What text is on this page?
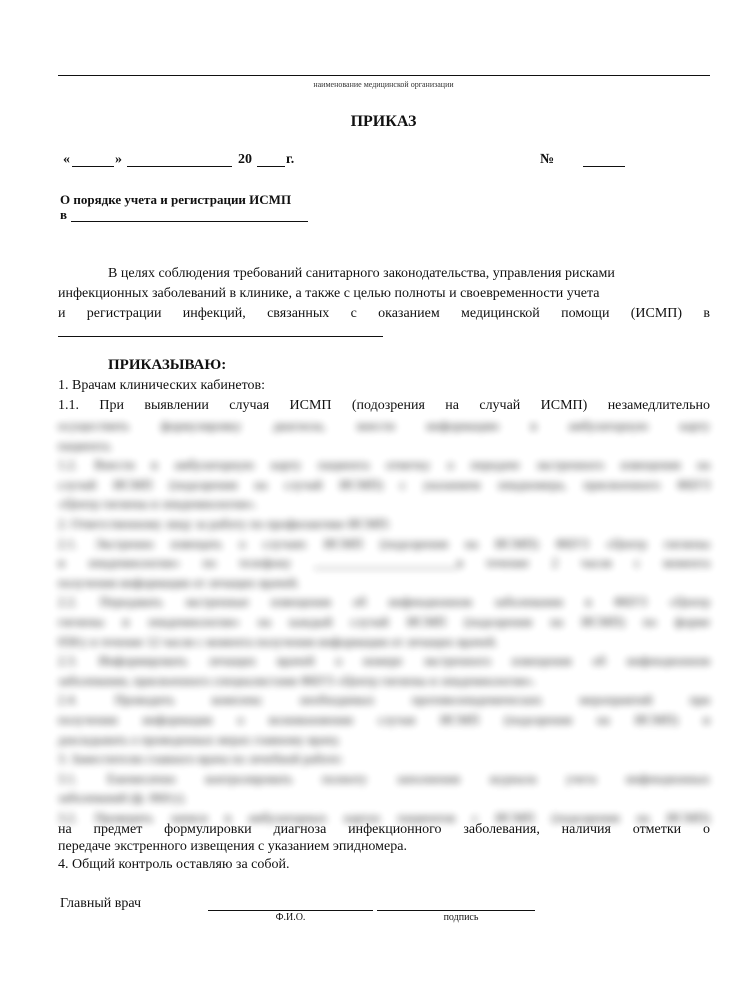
наименование медицинской организации
ПРИКАЗ
«	»	20 г.	№
О порядке учета и регистрации ИСМП
в
В целях соблюдения требований санитарного законодательства, управления рисками
инфекционных заболеваний в клинике, а также с целью полноты и своевременности учета
и регистрации инфекций, связанных с оказанием медицинской помощи (ИСМП) в
ПРИКАЗЫВАЮ:
1. Врачам клинических кабинетов:
1.1. При выявлении случая ИСМП (подозрения на случай ИСМП) незамедлительно
осуществить формулировку диагноза, внести информацию в амбулаторную карту
пациента.
1.2. Внести в амбулаторную карту пациента отметку о передаче экстренного извещения на
случай ИСМП (подозрения на случай ИСМП) с указанием эпидномера, присвоенного ФБУЗ
«Центр гигиены и эпидемиологии».
2. Ответственному лицу за работу по профилактике ИСМП:
2.1. Экстренно извещать о случаях ИСМП (подозрения на ИСМП) ФБУЗ «Центр гигиены
и эпидемиологии» по телефону ______________________в течение 2 часов с момента
получения информации от лечащих врачей.
2.2. Передавать экстренные извещения об инфекционном заболевании в ФБУЗ «Центр
гигиены и эпидемиологии» на каждый случай ИСМП (подозрения на ИСМП) по форме
058/у в течение 12 часов с момента получения информации от лечащих врачей.
2.3. Информировать лечащих врачей о номере экстренного извещения об инфекционном
заболевании, присвоенного специалистами ФБУЗ «Центр гигиены и эпидемиологии».
2.4. Проводить комплекс необходимых противоэпидемических мероприятий при
получении информации о возникновении случая ИСМП (подозрения на ИСМП) и
докладывать о проведенных мерах главному врачу.
3. Заместителю главного врача по лечебной работе:
3.1. Ежемесячно контролировать полноту заполнения журнала учета инфекционных
заболеваний (ф. 060/у).
3.2. Проверять записи в амбулаторных картах пациентов с ИСМП (подозрения на ИСМП)
на предмет формулировки диагноза инфекционного заболевания, наличия отметки о
передаче экстренного извещения с указанием эпидномера.
4. Общий контроль оставляю за собой.
Главный врач
Ф.И.О.	подпись
